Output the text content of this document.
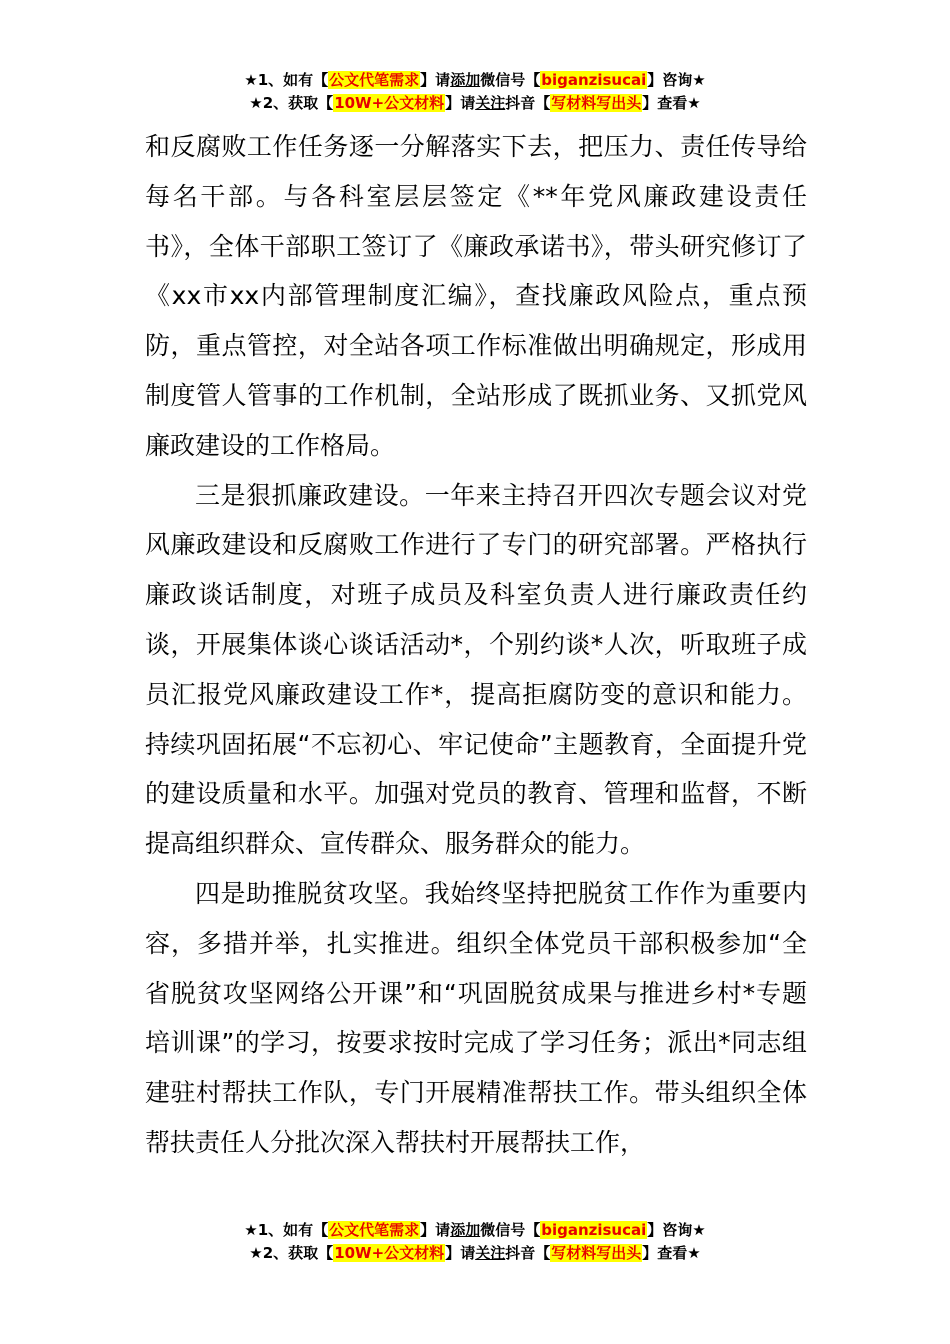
★1、如有【公文代笔需求】请添加微信号【biganzisucai】咨询★
★2、获取【10W+公文材料】请关注抖音【写材料写出头】查看★

和反腐败工作任务逐一分解落实下去，把压力、责任传导给每名干部。与各科室层层签定《**年党风廉政建设责任书》，全体干部职工签订了《廉政承诺书》，带头研究修订了《xx市xx内部管理制度汇编》，查找廉政风险点，重点预防，重点管控，对全站各项工作标准做出明确规定，形成用制度管人管事的工作机制，全站形成了既抓业务、又抓党风廉政建设的工作格局。

三是狠抓廉政建设。一年来主持召开四次专题会议对党风廉政建设和反腐败工作进行了专门的研究部署。严格执行廉政谈话制度，对班子成员及科室负责人进行廉政责任约谈，开展集体谈心谈话活动*，个别约谈*人次，听取班子成员汇报党风廉政建设工作*，提高拒腐防变的意识和能力。持续巩固拓展“不忘初心、牢记使命”主题教育，全面提升党的建设质量和水平。加强对党员的教育、管理和监督，不断提高组织群众、宣传群众、服务群众的能力。

四是助推脱贫攻坚。我始终坚持把脱贫工作作为重要内容，多措并举，扎实推进。组织全体党员干部积极参加“全省脱贫攻坚网络公开课”和“巩固脱贫成果与推进乡村*专题培训课”的学习，按要求按时完成了学习任务；派出*同志组建驻村帮扶工作队，专门开展精准帮扶工作。带头组织全体帮扶责任人分批次深入帮扶村开展帮扶工作，

★1、如有【公文代笔需求】请添加微信号【biganzisucai】咨询★
★2、获取【10W+公文材料】请关注抖音【写材料写出头】查看★
